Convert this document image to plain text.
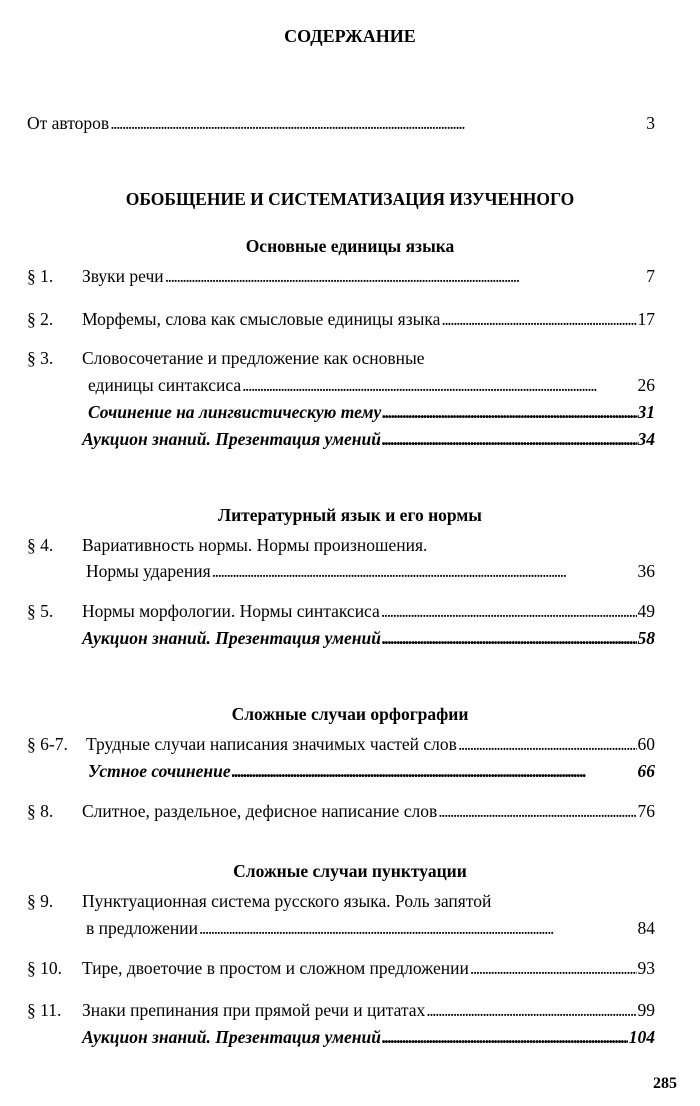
СОДЕРЖАНИЕ
От авторов . . .	3
ОБОБЩЕНИЕ И СИСТЕМАТИЗАЦИЯ ИЗУЧЕННОГО
Основные единицы языка
§ 1. Звуки речи . . .	7
§ 2. Морфемы, слова как смысловые единицы языка . . .	17
§ 3. Словосочетание и предложение как основные
единицы синтаксиса . . .	26
Сочинение на лингвистическую тему . . .	31
Аукцион знаний. Презентация умений . . .	34
Литературный язык и его нормы
§ 4. Вариативность нормы. Нормы произношения.
Нормы ударения . . .	36
§ 5. Нормы морфологии. Нормы синтаксиса . . .	49
Аукцион знаний. Презентация умений . . .	58
Сложные случаи орфографии
§ 6-7. Трудные случаи написания значимых частей слов . . .	60
Устное сочинение . . .	66
§ 8. Слитное, раздельное, дефисное написание слов . . .	76
Сложные случаи пунктуации
§ 9. Пунктуационная система русского языка. Роль запятой
в предложении . . .	84
§ 10. Тире, двоеточие в простом и сложном предложении . . .	93
§ 11. Знаки препинания при прямой речи и цитатах . . .	99
Аукцион знаний. Презентация умений . . .	104
285
